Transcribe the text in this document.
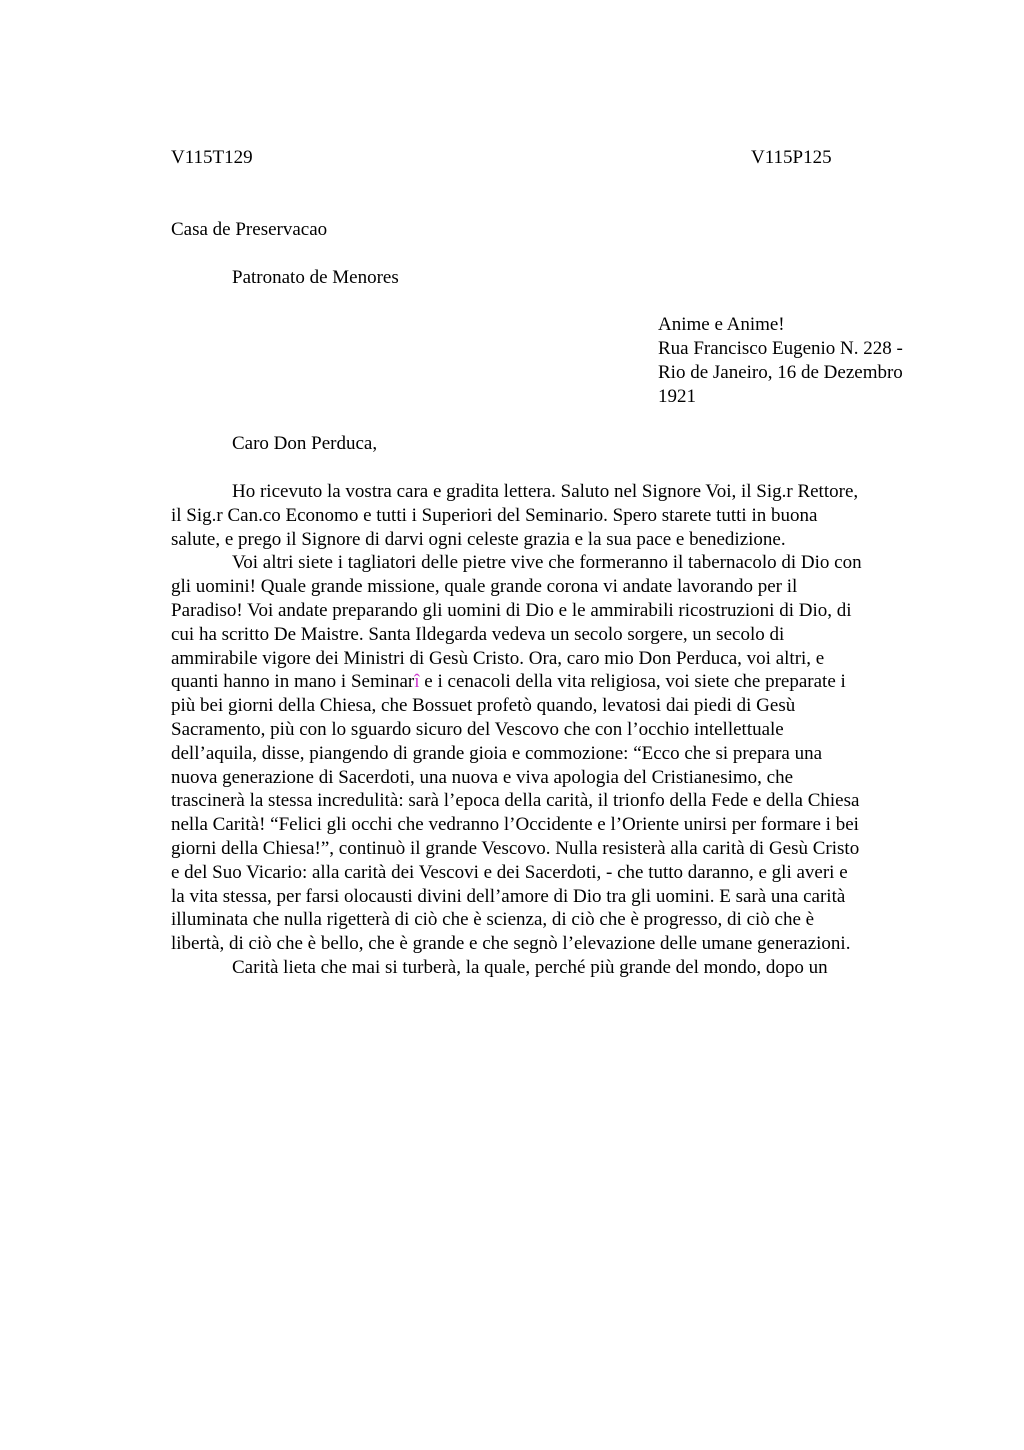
V115T129	V115P125
Casa de Preservacao
Patronato de Menores
Anime e Anime!
Rua Francisco Eugenio N. 228 -
Rio de Janeiro, 16 de Dezembro
1921
Caro Don Perduca,
Ho ricevuto la vostra cara e gradita lettera. Saluto nel Signore Voi, il Sig.r Rettore,
il Sig.r Can.co Economo e tutti i Superiori del Seminario. Spero starete tutti in buona
salute, e prego il Signore di darvi ogni celeste grazia e la sua pace e benedizione.
Voi altri siete i tagliatori delle pietre vive che formeranno il tabernacolo di Dio con
gli uomini! Quale grande missione, quale grande corona vi andate lavorando per il
Paradiso! Voi andate preparando gli uomini di Dio e le ammirabili ricostruzioni di Dio, di
cui ha scritto De Maistre. Santa Ildegarda vedeva un secolo sorgere, un secolo di
ammirabile vigore dei Ministri di Gesù Cristo. Ora, caro mio Don Perduca, voi altri, e
quanti hanno in mano i Seminarî e i cenacoli della vita religiosa, voi siete che preparate i
più bei giorni della Chiesa, che Bossuet profetò quando, levatosi dai piedi di Gesù
Sacramento, più con lo sguardo sicuro del Vescovo che con l’occhio intellettuale
dell’aquila, disse, piangendo di grande gioia e commozione: “Ecco che si prepara una
nuova generazione di Sacerdoti, una nuova e viva apologia del Cristianesimo, che
trascinerà la stessa incredulità: sarà l’epoca della carità, il trionfo della Fede e della Chiesa
nella Carità! “Felici gli occhi che vedranno l’Occidente e l’Oriente unirsi per formare i bei
giorni della Chiesa!”, continuò il grande Vescovo. Nulla resisterà alla carità di Gesù Cristo
e del Suo Vicario: alla carità dei Vescovi e dei Sacerdoti, - che tutto daranno, e gli averi e
la vita stessa, per farsi olocausti divini dell’amore di Dio tra gli uomini. E sarà una carità
illuminata che nulla rigetterà di ciò che è scienza, di ciò che è progresso, di ciò che è
libertà, di ciò che è bello, che è grande e che segnò l’elevazione delle umane generazioni.
Carità lieta che mai si turberà, la quale, perché più grande del mondo, dopo un
